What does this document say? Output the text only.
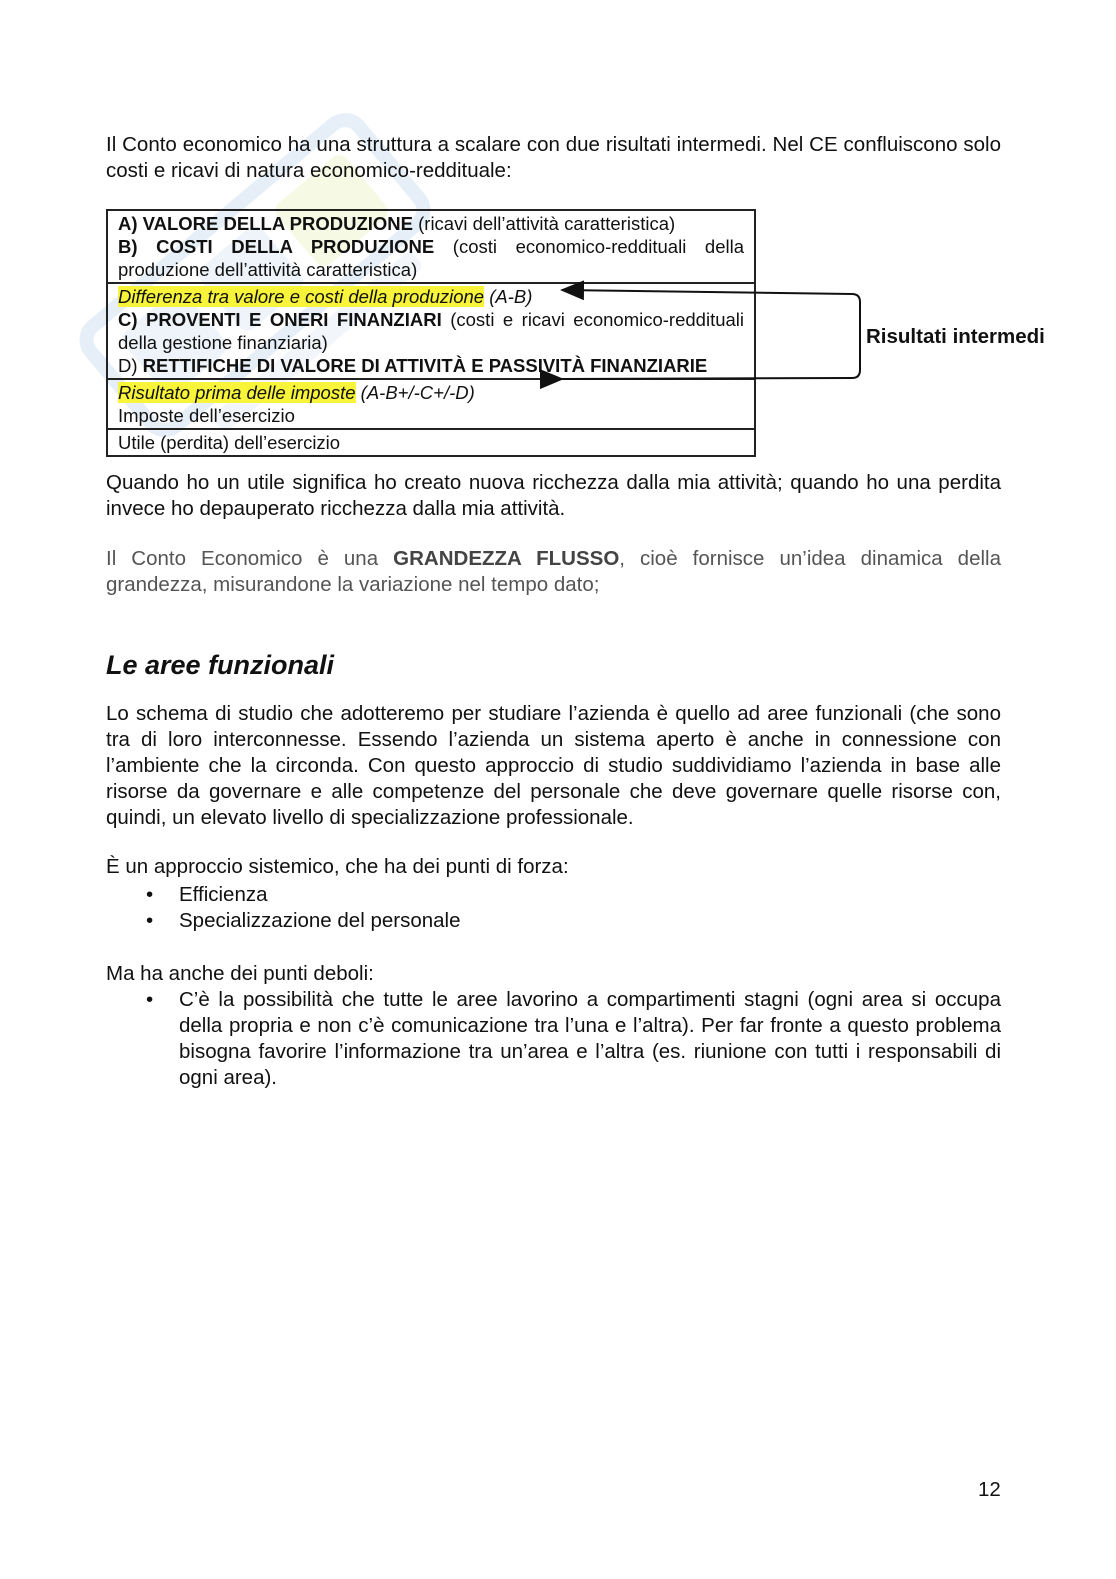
Il Conto economico ha una struttura a scalare con due risultati intermedi. Nel CE confluiscono solo costi e ricavi di natura economico-reddituale:
A) VALORE DELLA PRODUZIONE (ricavi dell’attività caratteristica)
B) COSTI DELLA PRODUZIONE (costi economico-reddituali della produzione dell’attività caratteristica)
Differenza tra valore e costi della produzione (A-B)
C) PROVENTI E ONERI FINANZIARI (costi e ricavi economico-reddituali della gestione finanziaria)
D) RETTIFICHE DI VALORE DI ATTIVITÀ E PASSIVITÀ FINANZIARIE
Risultato prima delle imposte (A-B+/-C+/-D)
Imposte dell’esercizio
Utile (perdita) dell’esercizio
Risultati intermedi
Quando ho un utile significa ho creato nuova ricchezza dalla mia attività; quando ho una perdita invece ho depauperato ricchezza dalla mia attività.
Il Conto Economico è una GRANDEZZA FLUSSO, cioè fornisce un’idea dinamica della grandezza, misurandone la variazione nel tempo dato;
Le aree funzionali
Lo schema di studio che adotteremo per studiare l’azienda è quello ad aree funzionali (che sono tra di loro interconnesse. Essendo l’azienda un sistema aperto è anche in connessione con l’ambiente che la circonda. Con questo approccio di studio suddividiamo l’azienda in base alle risorse da governare e alle competenze del personale che deve governare quelle risorse con, quindi, un elevato livello di specializzazione professionale.
È un approccio sistemico, che ha dei punti di forza:
• Efficienza
• Specializzazione del personale
Ma ha anche dei punti deboli:
• C’è la possibilità che tutte le aree lavorino a compartimenti stagni (ogni area si occupa della propria e non c’è comunicazione tra l’una e l’altra). Per far fronte a questo problema bisogna favorire l’informazione tra un’area e l’altra (es. riunione con tutti i responsabili di ogni area).
12
